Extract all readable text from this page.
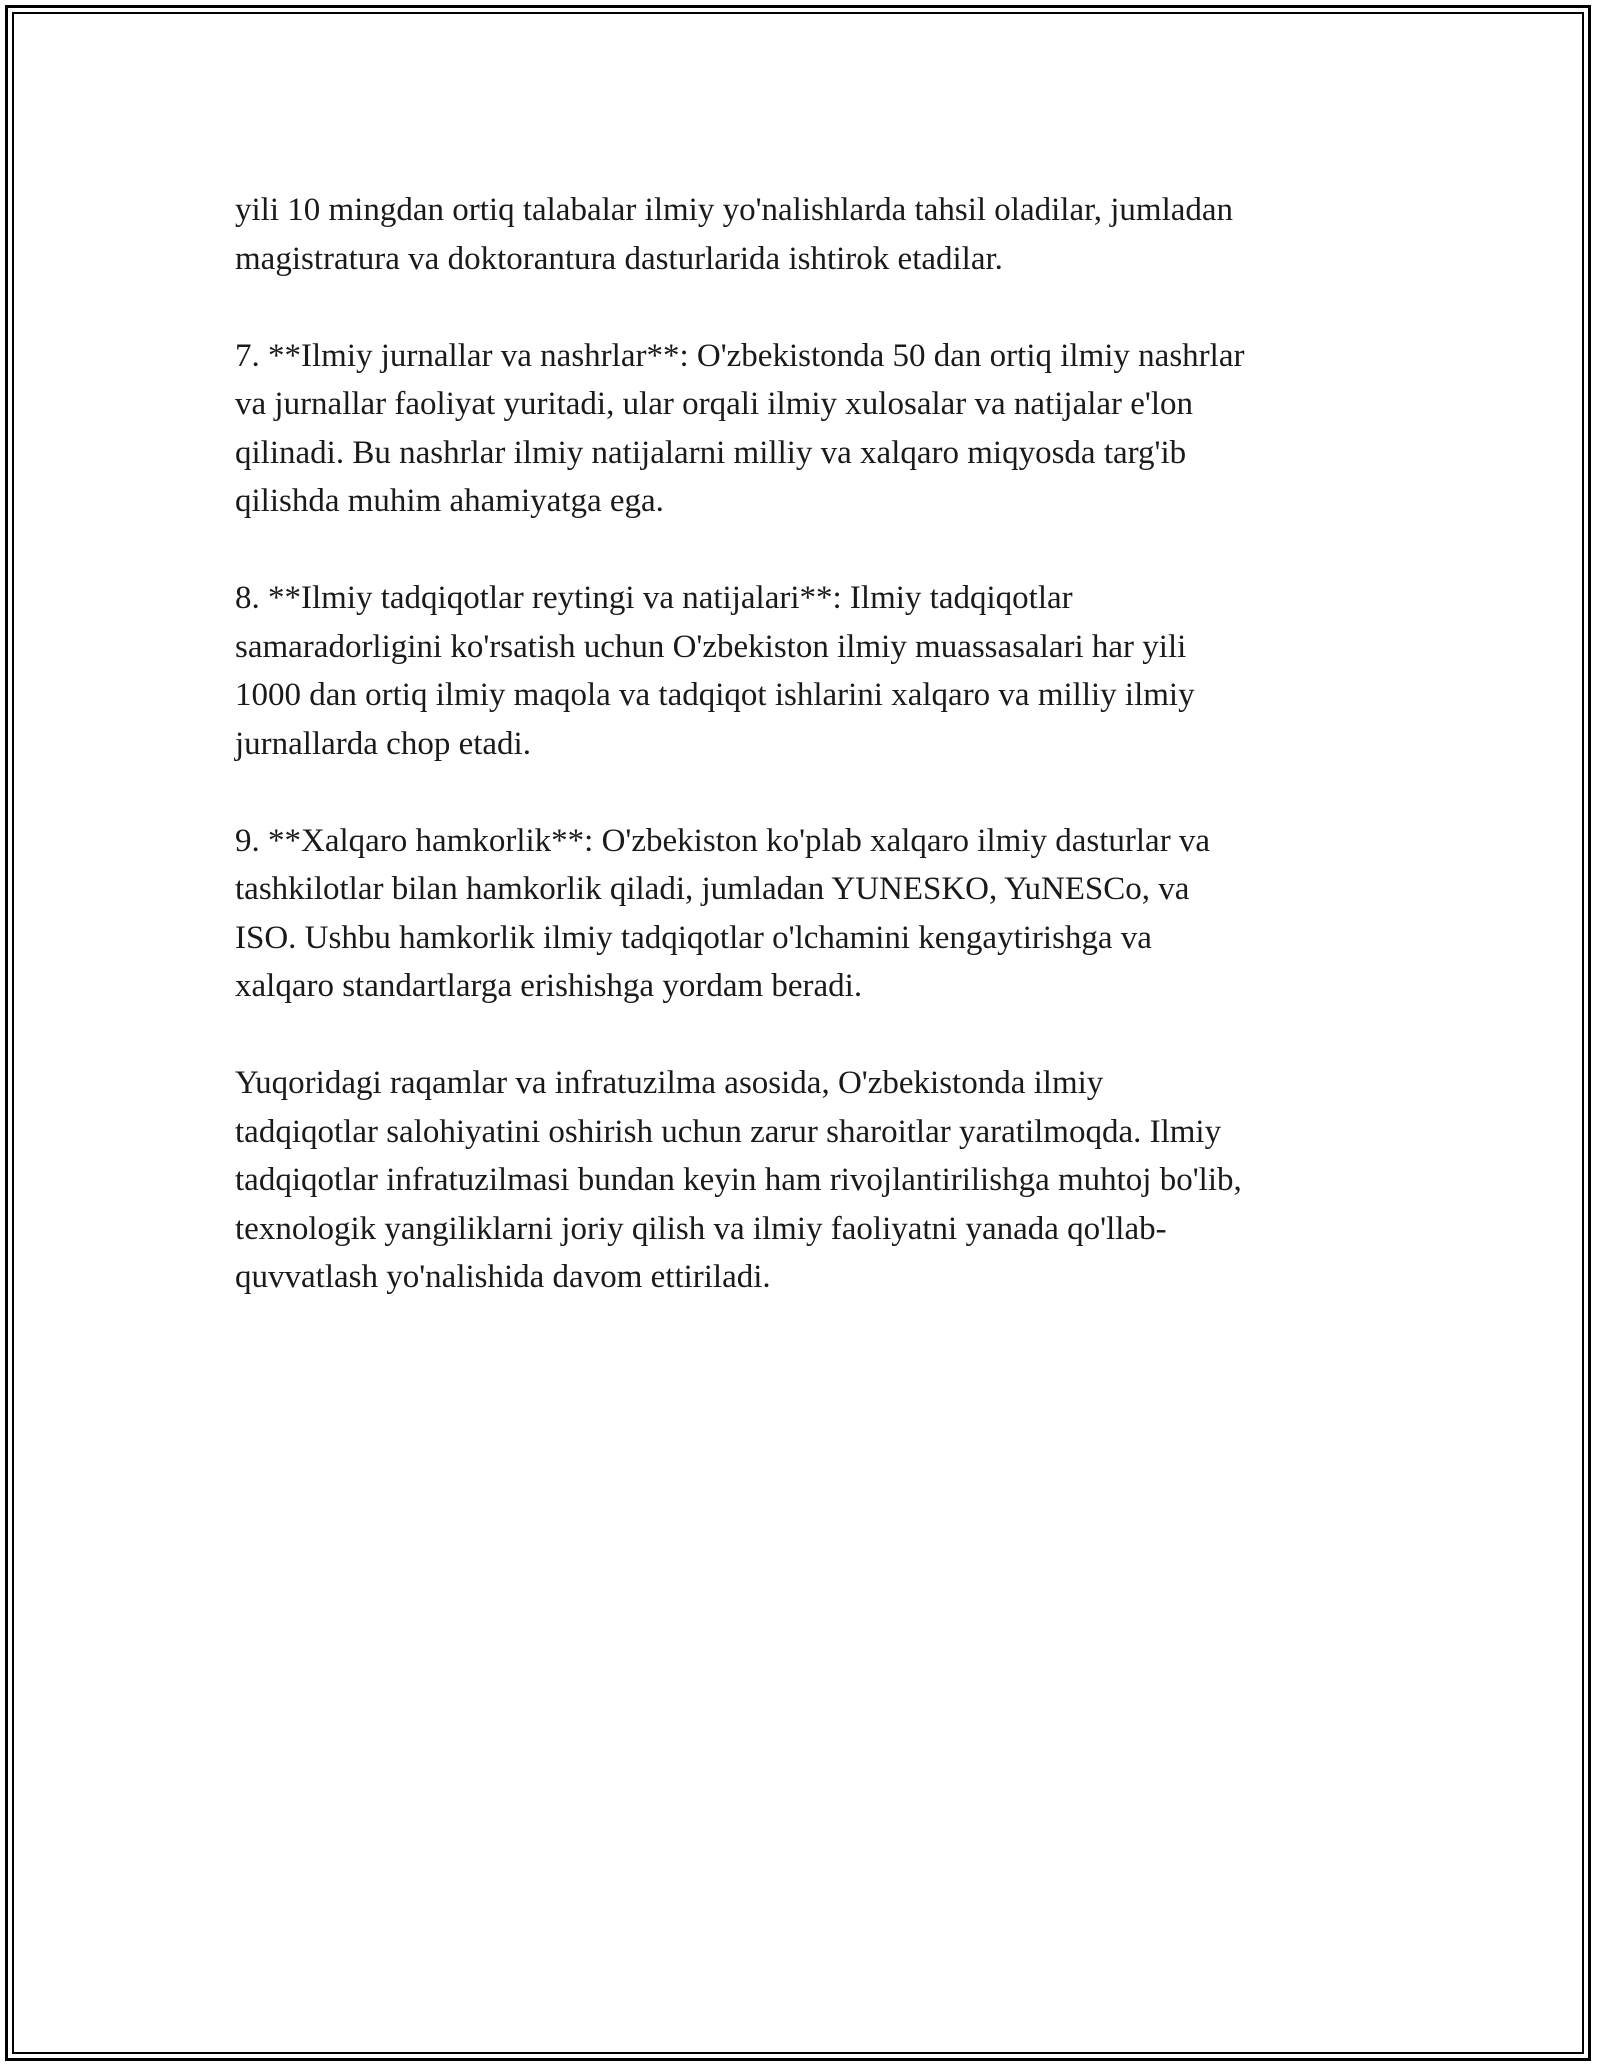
yili 10 mingdan ortiq talabalar ilmiy yo'nalishlarda tahsil oladilar, jumladan
magistratura va doktorantura dasturlarida ishtirok etadilar.

7. **Ilmiy jurnallar va nashrlar**: O'zbekistonda 50 dan ortiq ilmiy nashrlar
va jurnallar faoliyat yuritadi, ular orqali ilmiy xulosalar va natijalar e'lon
qilinadi. Bu nashrlar ilmiy natijalarni milliy va xalqaro miqyosda targ'ib
qilishda muhim ahamiyatga ega.

8. **Ilmiy tadqiqotlar reytingi va natijalari**: Ilmiy tadqiqotlar
samaradorligini ko'rsatish uchun O'zbekiston ilmiy muassasalari har yili
1000 dan ortiq ilmiy maqola va tadqiqot ishlarini xalqaro va milliy ilmiy
jurnallarda chop etadi.

9. **Xalqaro hamkorlik**: O'zbekiston ko'plab xalqaro ilmiy dasturlar va
tashkilotlar bilan hamkorlik qiladi, jumladan YUNESKO, YuNESCo, va
ISO. Ushbu hamkorlik ilmiy tadqiqotlar o'lchamini kengaytirishga va
xalqaro standartlarga erishishga yordam beradi.

Yuqoridagi raqamlar va infratuzilma asosida, O'zbekistonda ilmiy
tadqiqotlar salohiyatini oshirish uchun zarur sharoitlar yaratilmoqda. Ilmiy
tadqiqotlar infratuzilmasi bundan keyin ham rivojlantirilishga muhtoj bo'lib,
texnologik yangiliklarni joriy qilish va ilmiy faoliyatni yanada qo'llab-
quvvatlash yo'nalishida davom ettiriladi.
